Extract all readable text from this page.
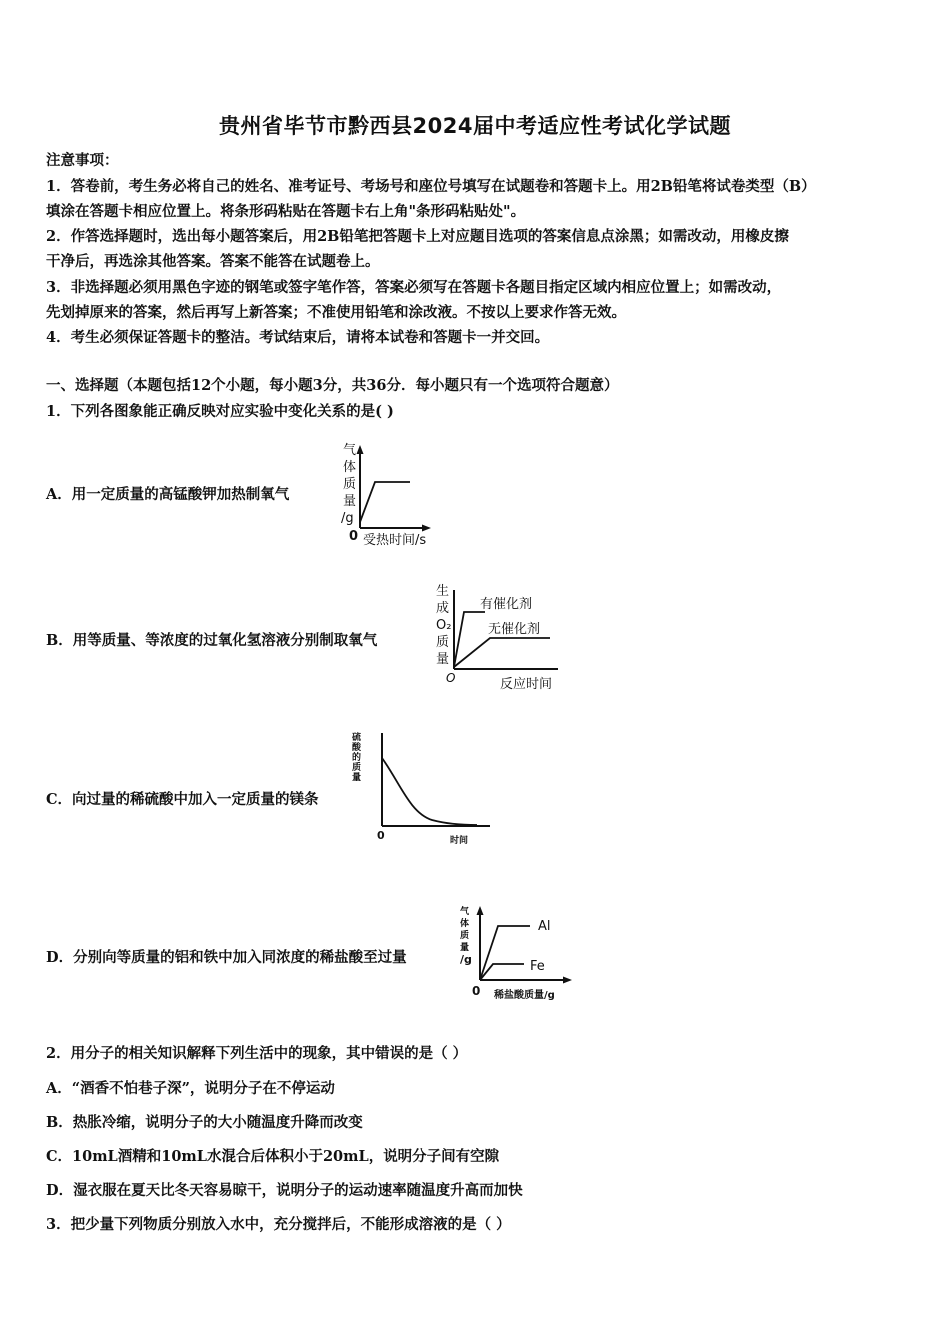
贵州省毕节市黔西县2024届中考适应性考试化学试题
注意事项：
1．答卷前，考生务必将自己的姓名、准考证号、考场号和座位号填写在试题卷和答题卡上。用2B铅笔将试卷类型（B）
填涂在答题卡相应位置上。将条形码粘贴在答题卡右上角"条形码粘贴处"。
2．作答选择题时，选出每小题答案后，用2B铅笔把答题卡上对应题目选项的答案信息点涂黑；如需改动，用橡皮擦
干净后，再选涂其他答案。答案不能答在试题卷上。
3．非选择题必须用黑色字迹的钢笔或签字笔作答，答案必须写在答题卡各题目指定区域内相应位置上；如需改动，
先划掉原来的答案，然后再写上新答案；不准使用铅笔和涂改液。不按以上要求作答无效。
4．考生必须保证答题卡的整洁。考试结束后，请将本试卷和答题卡一并交回。
一、选择题（本题包括12个小题，每小题3分，共36分．每小题只有一个选项符合题意）
1．下列各图象能正确反映对应实验中变化关系的是( )
A．用一定质量的高锰酸钾加热制氧气
气
体
质
量
/g
0 受热时间/s
B．用等质量、等浓度的过氧化氢溶液分别制取氧气
生
成
O₂
质
量
有催化剂
无催化剂
O	反应时间
C．向过量的稀硫酸中加入一定质量的镁条
硫
酸
的
质
量
0	时间
D．分别向等质量的铝和铁中加入同浓度的稀盐酸至过量
气
体
质
量
/g
Al
Fe
0 稀盐酸质量/g
2．用分子的相关知识解释下列生活中的现象，其中错误的是（ ）
A．“酒香不怕巷子深”，说明分子在不停运动
B．热胀冷缩，说明分子的大小随温度升降而改变
C．10mL酒精和10mL水混合后体积小于20mL，说明分子间有空隙
D．湿衣服在夏天比冬天容易晾干，说明分子的运动速率随温度升高而加快
3．把少量下列物质分别放入水中，充分搅拌后，不能形成溶液的是（ ）
